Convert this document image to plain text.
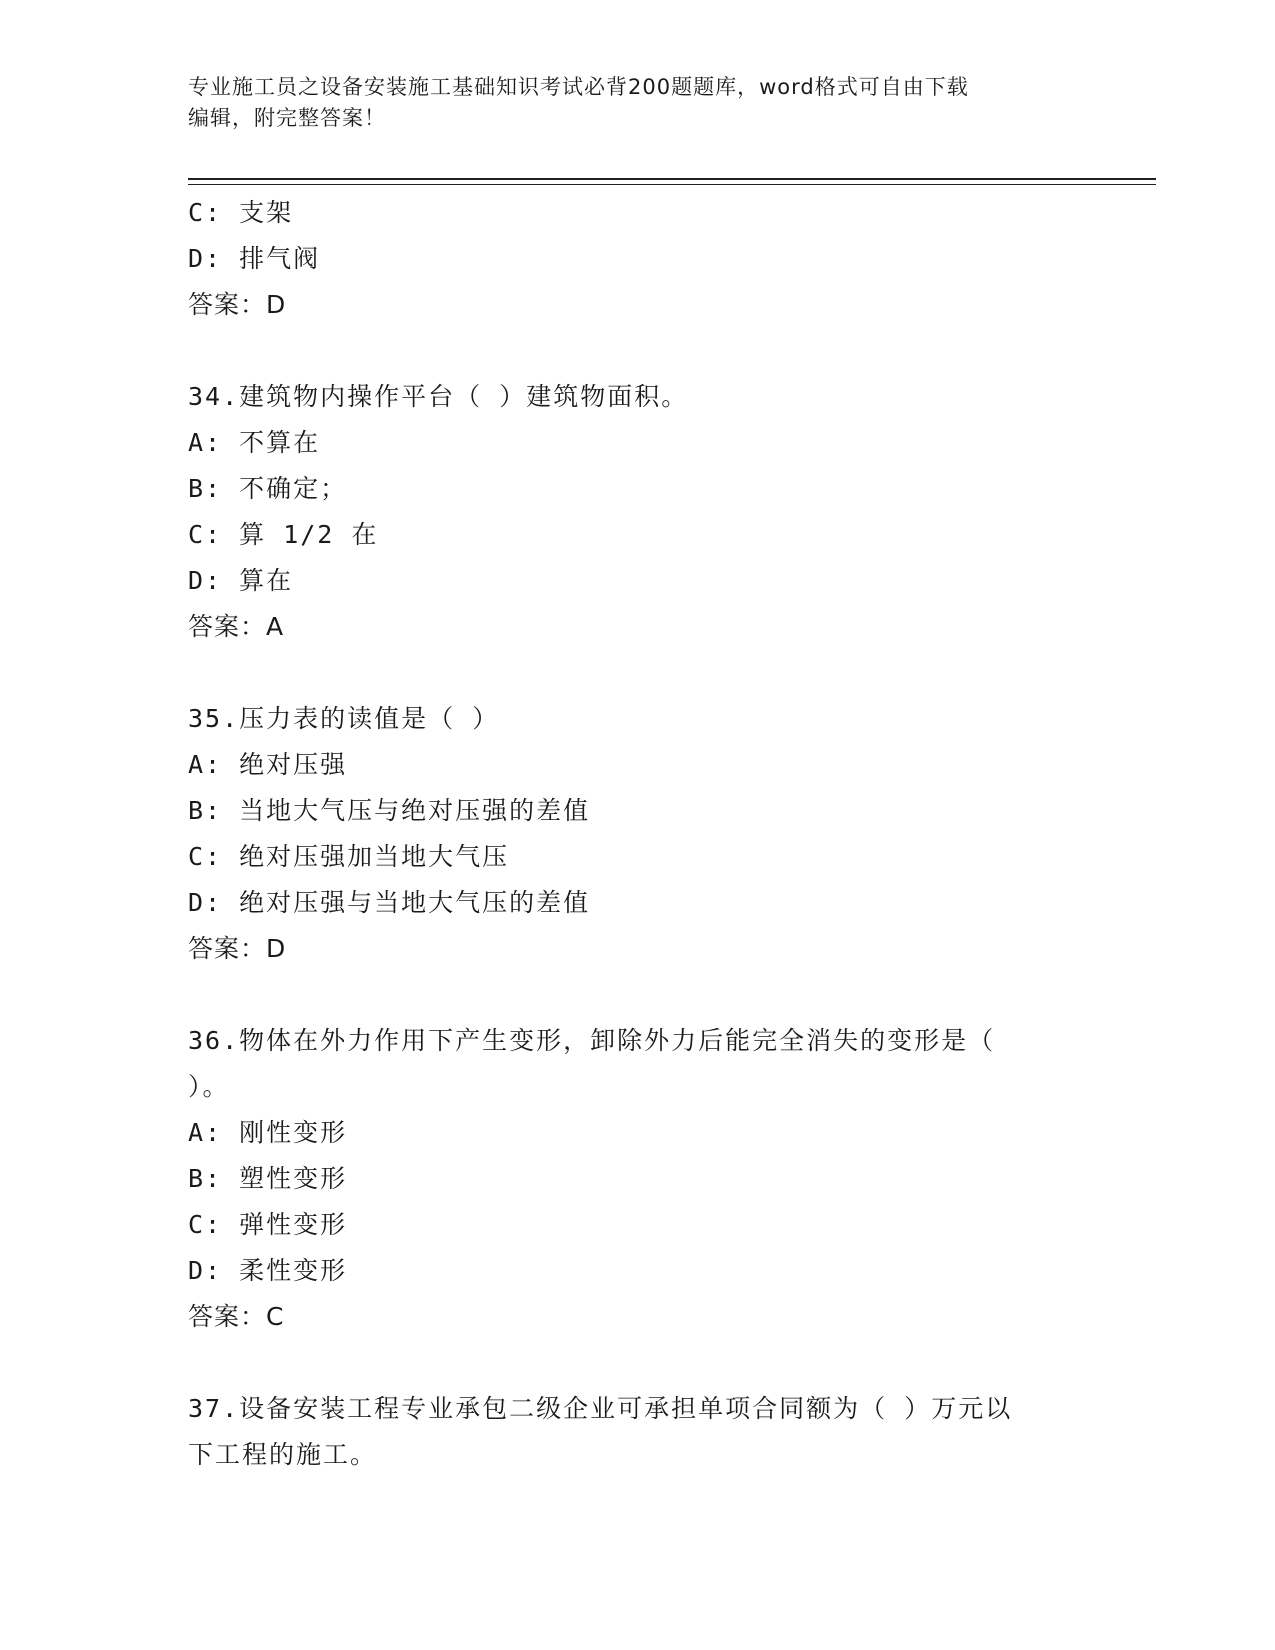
专业施工员之设备安装施工基础知识考试必背200题题库，word格式可自由下载
编辑，附完整答案！
C: 支架
D: 排气阀
答案：D
34.建筑物内操作平台（ ）建筑物面积。
A: 不算在
B: 不确定；
C: 算 1/2 在
D: 算在
答案：A
35.压力表的读值是（ ）
A: 绝对压强
B: 当地大气压与绝对压强的差值
C: 绝对压强加当地大气压
D: 绝对压强与当地大气压的差值
答案：D
36.物体在外力作用下产生变形，卸除外力后能完全消失的变形是（
）。
A: 刚性变形
B: 塑性变形
C: 弹性变形
D: 柔性变形
答案：C
37.设备安装工程专业承包二级企业可承担单项合同额为（ ）万元以
下工程的施工。
